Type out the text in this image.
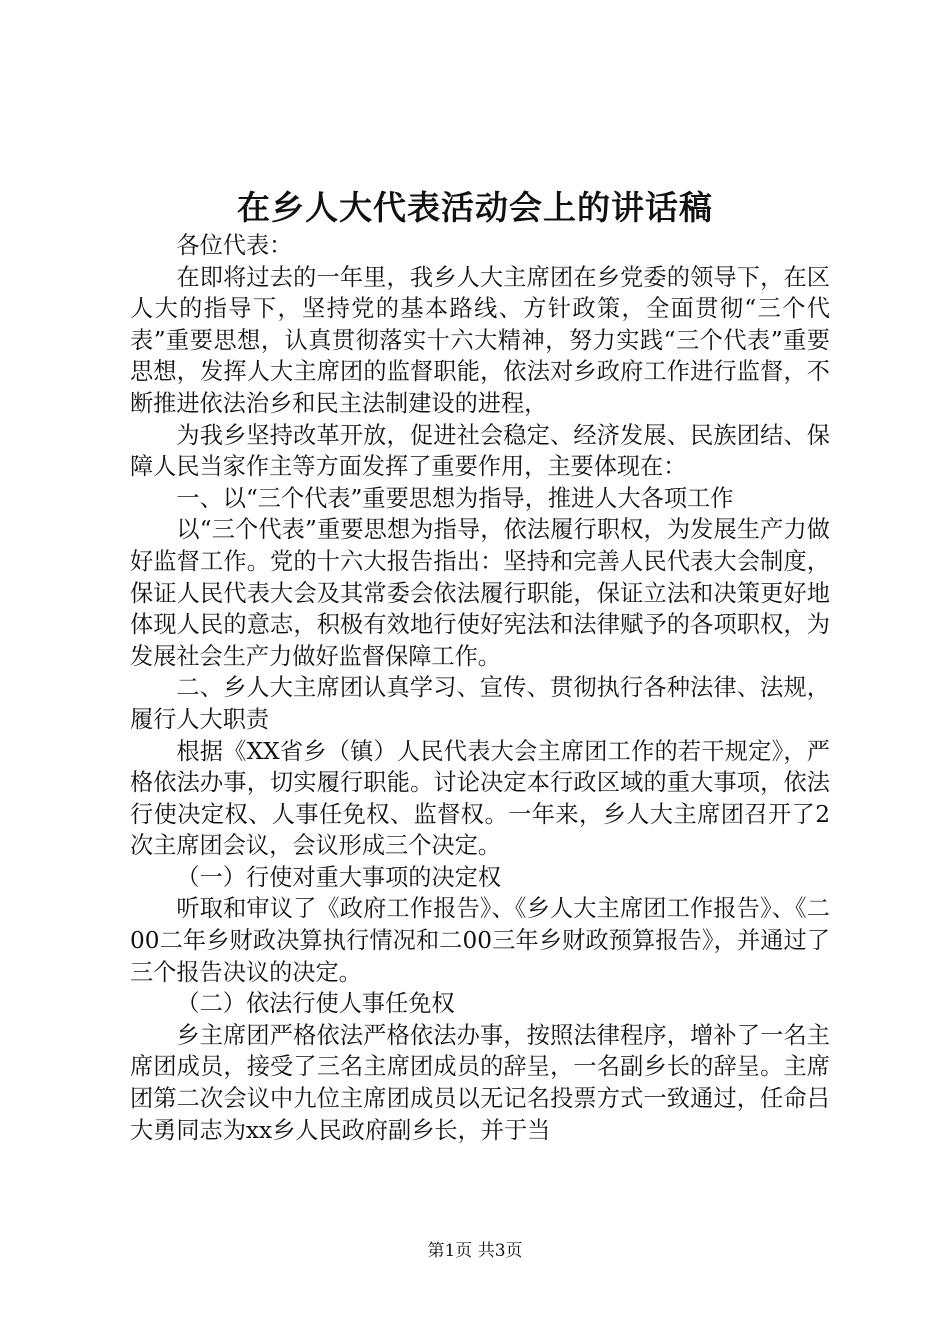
在乡人大代表活动会上的讲话稿

各位代表：

在即将过去的一年里，我乡人大主席团在乡党委的领导下，在区人大的指导下，坚持党的基本路线、方针政策，全面贯彻“三个代表”重要思想，认真贯彻落实十六大精神，努力实践“三个代表”重要思想，发挥人大主席团的监督职能，依法对乡政府工作进行监督，不断推进依法治乡和民主法制建设的进程，

为我乡坚持改革开放，促进社会稳定、经济发展、民族团结、保障人民当家作主等方面发挥了重要作用，主要体现在：

一、以“三个代表”重要思想为指导，推进人大各项工作

以“三个代表”重要思想为指导，依法履行职权，为发展生产力做好监督工作。党的十六大报告指出：坚持和完善人民代表大会制度，保证人民代表大会及其常委会依法履行职能，保证立法和决策更好地体现人民的意志，积极有效地行使好宪法和法律赋予的各项职权，为发展社会生产力做好监督保障工作。

二、乡人大主席团认真学习、宣传、贯彻执行各种法律、法规，履行人大职责

根据《XX省乡（镇）人民代表大会主席团工作的若干规定》，严格依法办事，切实履行职能。讨论决定本行政区域的重大事项，依法行使决定权、人事任免权、监督权。一年来，乡人大主席团召开了2次主席团会议，会议形成三个决定。

（一）行使对重大事项的决定权

听取和审议了《政府工作报告》、《乡人大主席团工作报告》、《二00二年乡财政决算执行情况和二00三年乡财政预算报告》，并通过了三个报告决议的决定。

（二）依法行使人事任免权

乡主席团严格依法严格依法办事，按照法律程序，增补了一名主席团成员，接受了三名主席团成员的辞呈，一名副乡长的辞呈。主席团第二次会议中九位主席团成员以无记名投票方式一致通过，任命吕大勇同志为xx乡人民政府副乡长，并于当

第1页 共3页
